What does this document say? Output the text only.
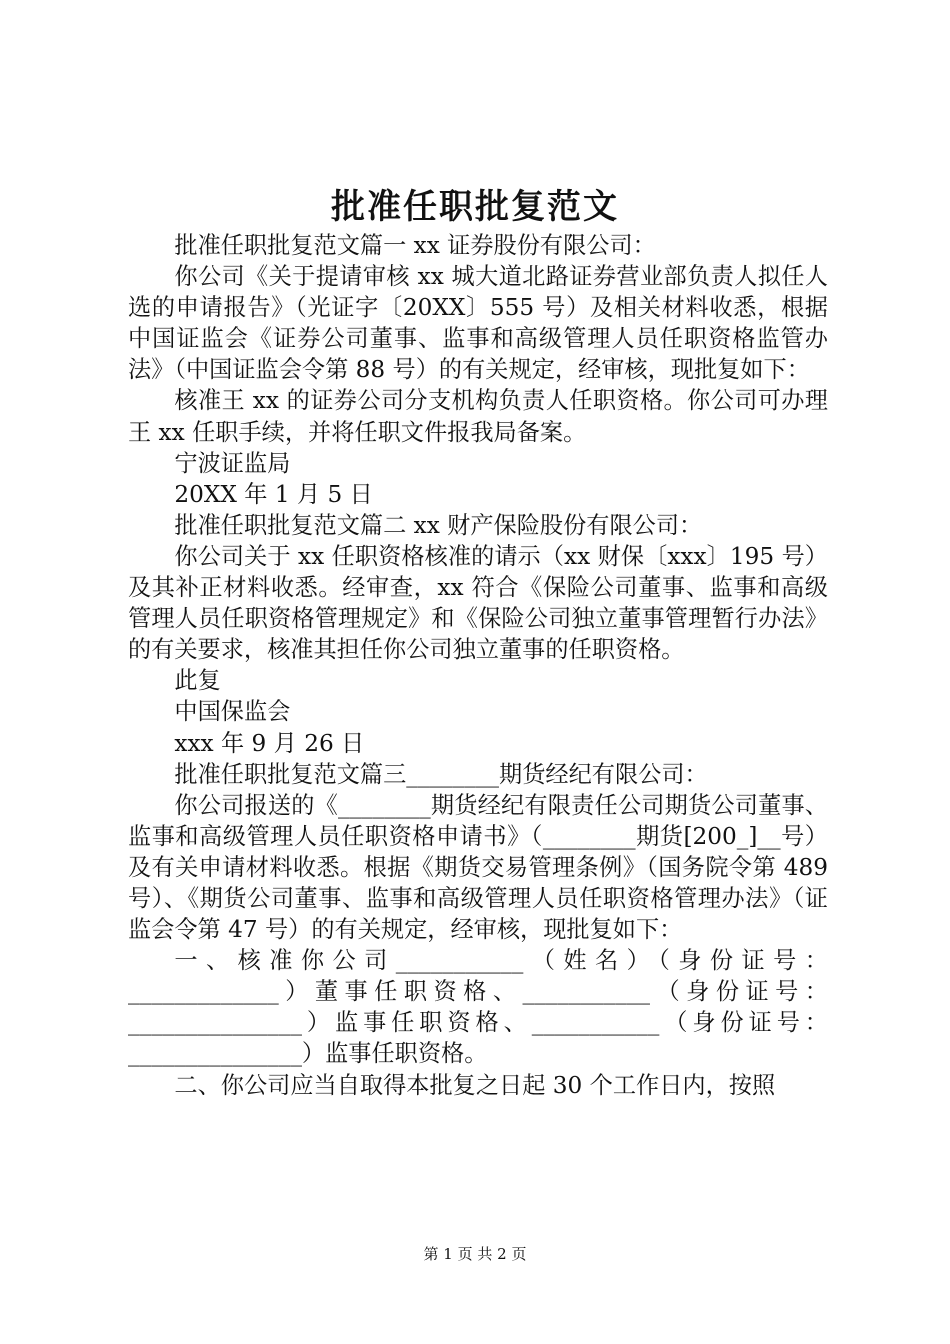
批准任职批复范文

批准任职批复范文篇一 xx 证券股份有限公司：

你公司《关于提请审核 xx 城大道北路证券营业部负责人拟任人选的申请报告》（光证字〔20XX〕555 号）及相关材料收悉，根据中国证监会《证券公司董事、监事和高级管理人员任职资格监管办法》（中国证监会令第 88 号）的有关规定，经审核，现批复如下：

核准王 xx 的证券公司分支机构负责人任职资格。你公司可办理王 xx 任职手续，并将任职文件报我局备案。

宁波证监局

20XX 年 1 月 5 日

批准任职批复范文篇二 xx 财产保险股份有限公司：

你公司关于 xx 任职资格核准的请示（xx 财保〔xxx〕195 号）及其补正材料收悉。经审查，xx 符合《保险公司董事、监事和高级管理人员任职资格管理规定》和《保险公司独立董事管理暂行办法》的有关要求，核准其担任你公司独立董事的任职资格。

此复

中国保监会

xxx 年 9 月 26 日

批准任职批复范文篇三________期货经纪有限公司：

你公司报送的《________期货经纪有限责任公司期货公司董事、监事和高级管理人员任职资格申请书》（________期货[200_]__号）及有关申请材料收悉。根据《期货交易管理条例》（国务院令第 489 号）、《期货公司董事、监事和高级管理人员任职资格管理办法》（证监会令第 47 号）的有关规定，经审核，现批复如下：

一、核准你公司___________（姓名）（身份证号：_____________）董事任职资格、___________（身份证号：_______________）监事任职资格、___________（身份证号：_______________）监事任职资格。

二、你公司应当自取得本批复之日起 30 个工作日内，按照

第 1 页 共 2 页
